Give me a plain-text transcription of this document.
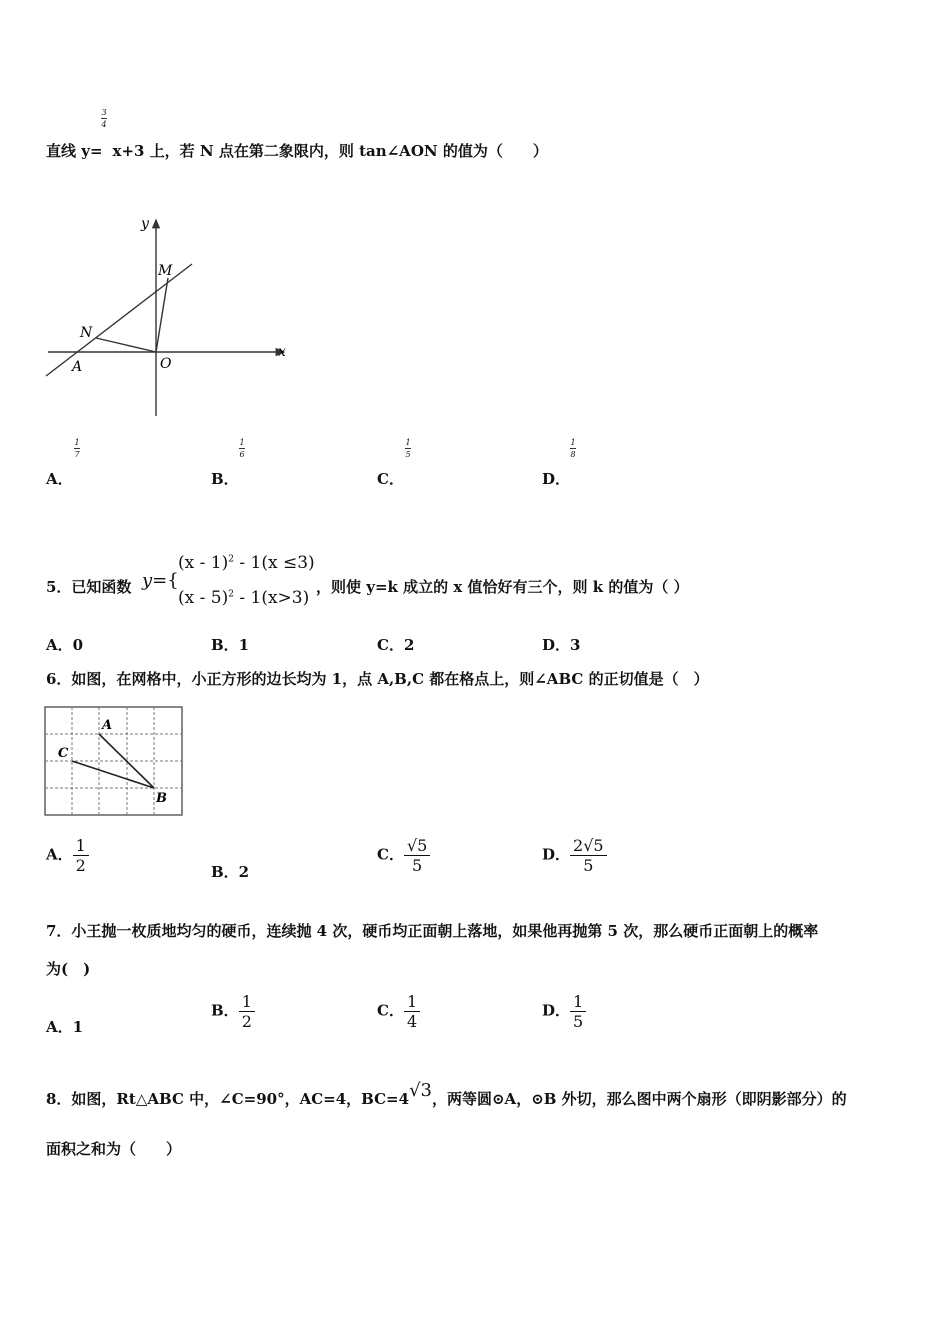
3
4
直线 y= x+3 上，若 N 点在第二象限内，则 tan∠AON 的值为（　　）
y
x
M
N
O
A
A．
1
7
B．
1
6
C．
1
5
D．
1
8
5．已知函数 y={
(x - 1)$^2$ - 1(x ≤3)
(x - 5)$^2$ - 1(x>3)
，则使 y=k 成立的 x 值恰好有三个，则 k 的值为（ ）
A．0	B．1	C．2	D．3
6．如图，在网格中，小正方形的边长均为 1，点 A,B,C 都在格点上，则∠ABC 的正切值是（　）
A
C
B
A． $\frac{1}{2}$	B．2
C． $\frac{√5}{5}$	D． $\frac{2√5}{5}$
7．小王抛一枚质地均匀的硬币，连续抛 4 次，硬币均正面朝上落地，如果他再抛第 5 次，那么硬币正面朝上的概率
为(　)
A．1
B． $\frac{1}{2}$	C． $\frac{1}{4}$	D． $\frac{1}{5}$
8．如图，Rt△ABC 中，∠C=90°，AC=4，BC=4√3，两等圆⊙A，⊙B 外切，那么图中两个扇形（即阴影部分）的
面积之和为（　　）
